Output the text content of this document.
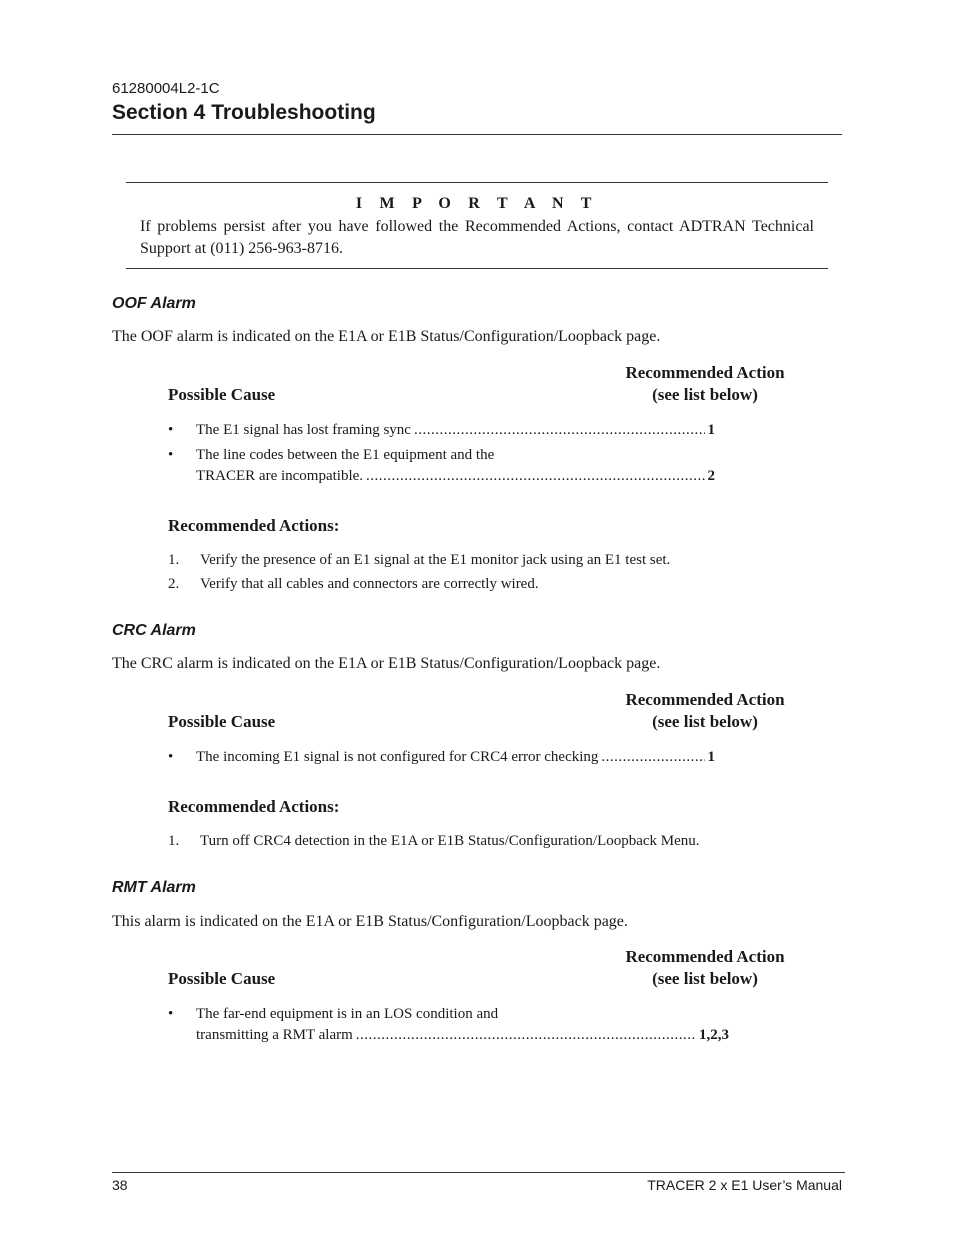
61280004L2-1C
Section 4 Troubleshooting
I M P O R T A N T
If problems persist after you have followed the Recommended Actions, contact ADTRAN Technical Support at (011) 256-963-8716.
OOF Alarm
The OOF alarm is indicated on the E1A or E1B Status/Configuration/Loopback page.
Recommended Action (see list below)
Possible Cause
• The E1 signal has lost framing sync .....	1
• The line codes between the E1 equipment and the
TRACER are incompatible. .....	2
Recommended Actions:
1. Verify the presence of an E1 signal at the E1 monitor jack using an E1 test set.
2. Verify that all cables and connectors are correctly wired.
CRC Alarm
The CRC alarm is indicated on the E1A or E1B Status/Configuration/Loopback page.
Recommended Action (see list below)
Possible Cause
• The incoming E1 signal is not configured for CRC4 error checking .....	1
Recommended Actions:
1. Turn off CRC4 detection in the E1A or E1B Status/Configuration/Loopback Menu.
RMT Alarm
This alarm is indicated on the E1A or E1B Status/Configuration/Loopback page.
Recommended Action (see list below)
Possible Cause
• The far-end equipment is in an LOS condition and
transmitting a RMT alarm .....	1,2,3
38	TRACER 2 x E1 User’s Manual
